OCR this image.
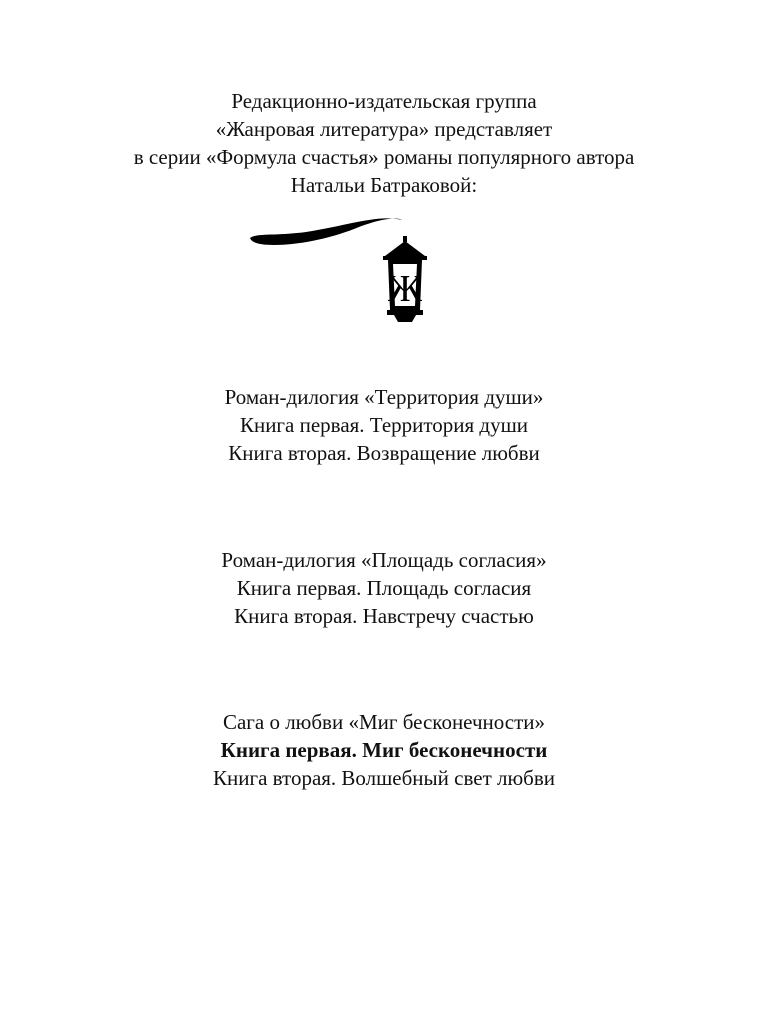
Редакционно-издательская группа
«Жанровая литература» представляет
в серии «Формула счастья» романы популярного автора
Натальи Батраковой:
Ж
Роман-дилогия «Территория души»
Книга первая. Территория души
Книга вторая. Возвращение любви
Роман-дилогия «Площадь согласия»
Книга первая. Площадь согласия
Книга вторая. Навстречу счастью
Сага о любви «Миг бесконечности»
Книга первая. Миг бесконечности
Книга вторая. Волшебный свет любви
